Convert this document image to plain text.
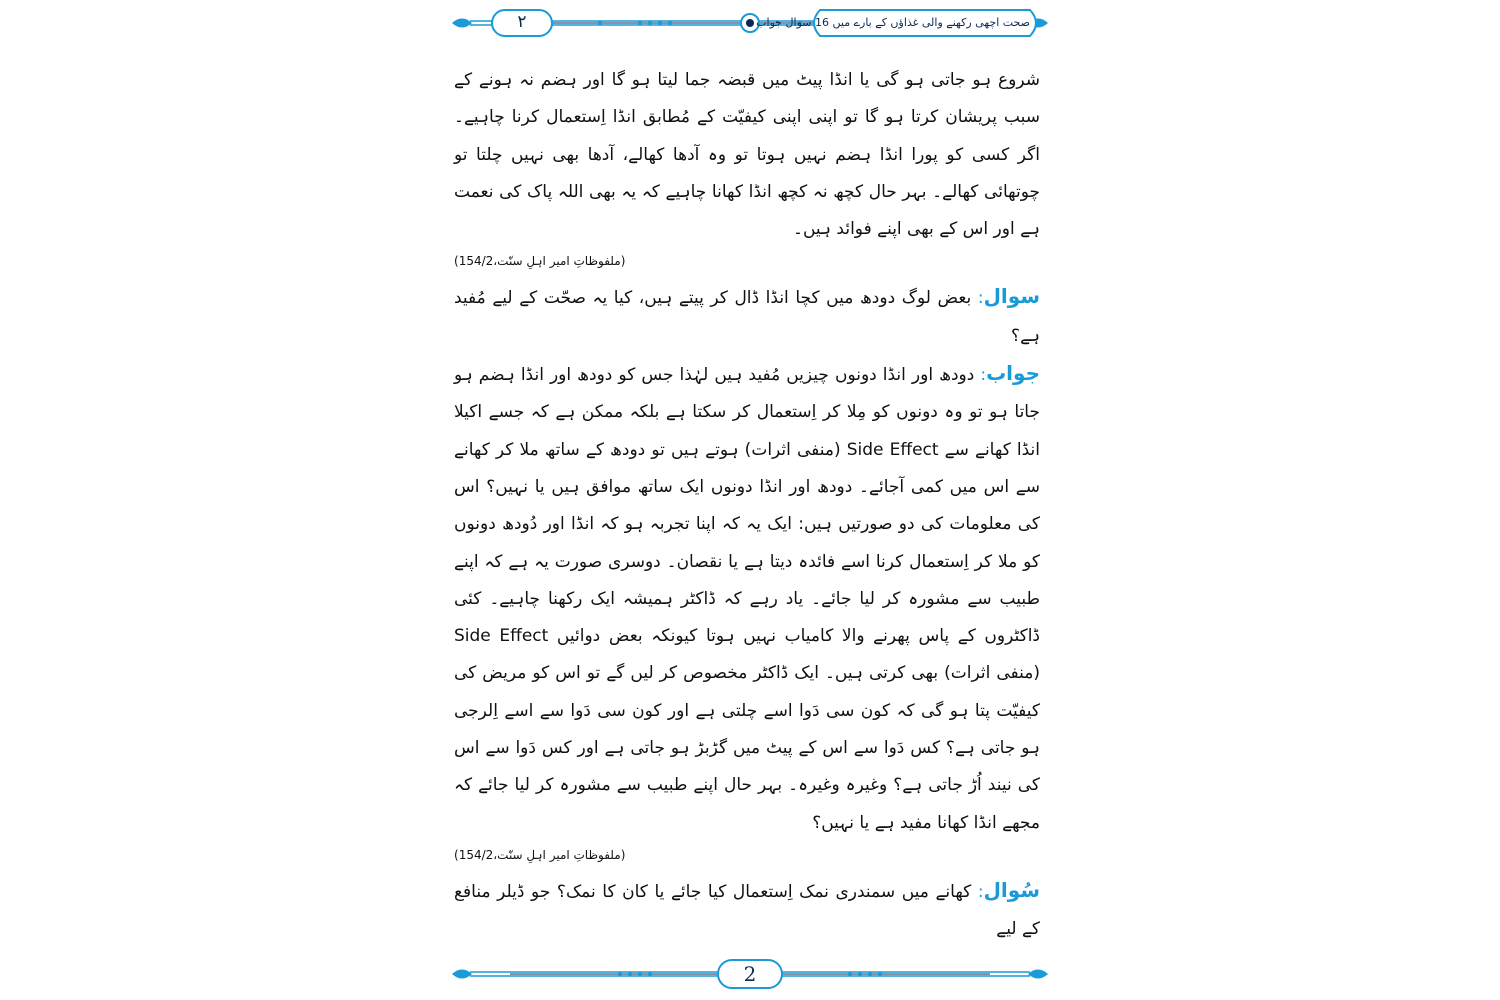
۲	صحت اچھی رکھنے والی غذاؤں کے بارے میں 16 سوال جواب

شروع ہو جاتی ہو گی یا انڈا پیٹ میں قبضہ جما لیتا ہو گا اور ہضم نہ ہونے کے سبب پریشان کرتا ہو گا تو اپنی اپنی کیفیّت کے مُطابق انڈا اِستعمال کرنا چاہیے۔ اگر کسی کو پورا انڈا ہضم نہیں ہوتا تو وہ آدھا کھالے، آدھا بھی نہیں چلتا تو چوتھائی کھالے۔ بہر حال کچھ نہ کچھ انڈا کھانا چاہیے کہ یہ بھی اللہ پاک کی نعمت ہے اور اس کے بھی اپنے فوائد ہیں۔

(ملفوظاتِ امیر اہلِ سنّت،154/2)

سوال: بعض لوگ دودھ میں کچا انڈا ڈال کر پیتے ہیں، کیا یہ صحّت کے لیے مُفید ہے؟

جواب: دودھ اور انڈا دونوں چیزیں مُفید ہیں لہٰذا جس کو دودھ اور انڈا ہضم ہو جاتا ہو تو وہ دونوں کو مِلا کر اِستعمال کر سکتا ہے بلکہ ممکن ہے کہ جسے اکیلا انڈا کھانے سے Side Effect (منفی اثرات) ہوتے ہیں تو دودھ کے ساتھ ملا کر کھانے سے اس میں کمی آجائے۔ دودھ اور انڈا دونوں ایک ساتھ موافق ہیں یا نہیں؟ اس کی معلومات کی دو صورتیں ہیں: ایک یہ کہ اپنا تجربہ ہو کہ انڈا اور دُودھ دونوں کو ملا کر اِستعمال کرنا اسے فائدہ دیتا ہے یا نقصان۔ دوسری صورت یہ ہے کہ اپنے طبیب سے مشورہ کر لیا جائے۔ یاد رہے کہ ڈاکٹر ہمیشہ ایک رکھنا چاہیے۔ کئی ڈاکٹروں کے پاس پھرنے والا کامیاب نہیں ہوتا کیونکہ بعض دوائیں Side Effect (منفی اثرات) بھی کرتی ہیں۔ ایک ڈاکٹر مخصوص کر لیں گے تو اس کو مریض کی کیفیّت پتا ہو گی کہ کون سی دَوا اسے چلتی ہے اور کون سی دَوا سے اسے اِلرجی ہو جاتی ہے؟ کس دَوا سے اس کے پیٹ میں گڑبڑ ہو جاتی ہے اور کس دَوا سے اس کی نیند اُڑ جاتی ہے؟ وغیرہ وغیرہ۔ بہر حال اپنے طبیب سے مشورہ کر لیا جائے کہ مجھے انڈا کھانا مفید ہے یا نہیں؟

(ملفوظاتِ امیر اہلِ سنّت،154/2)

سُوال: کھانے میں سمندری نمک اِستعمال کیا جائے یا کان کا نمک؟ جو ڈیلر منافع کے لیے

2
